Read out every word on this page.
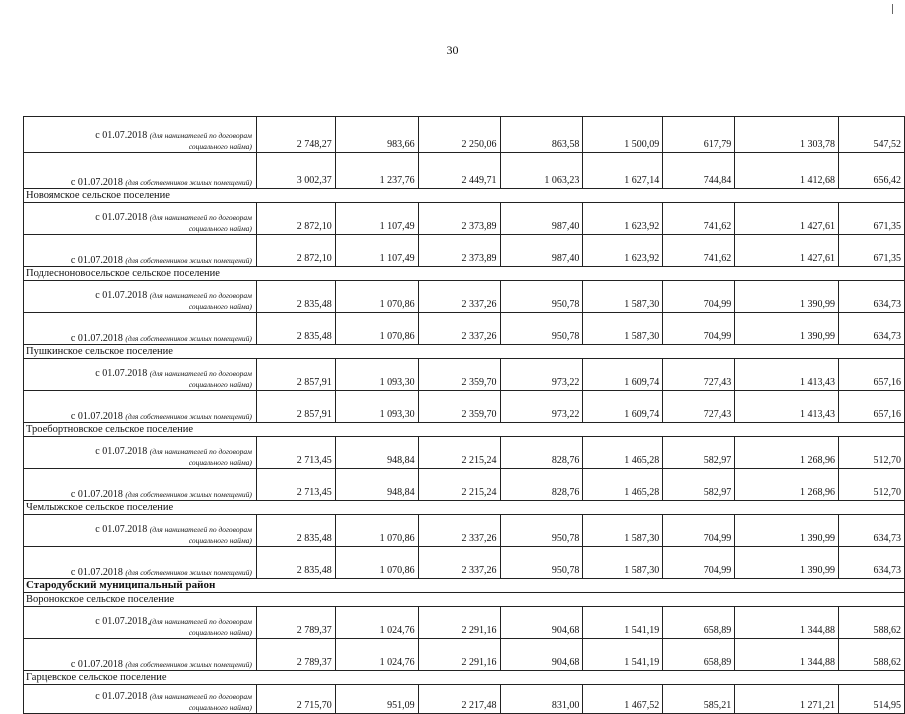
30
с 01.07.2018 (для нанимателей по договорам
социального найма)	2 748,27	983,66	2 250,06	863,58	1 500,09	617,79	1 303,78	547,52
с 01.07.2018 (для собственников жилых помещений)	3 002,37	1 237,76	2 449,71	1 063,23	1 627,14	744,84	1 412,68	656,42
Новоямское сельское поселение								
с 01.07.2018 (для нанимателей по договорам
социального найма)	2 872,10	1 107,49	2 373,89	987,40	1 623,92	741,62	1 427,61	671,35
с 01.07.2018 (для собственников жилых помещений)	2 872,10	1 107,49	2 373,89	987,40	1 623,92	741,62	1 427,61	671,35
Подлесноновосельское сельское поселение								
с 01.07.2018 (для нанимателей по договорам
социального найма)	2 835,48	1 070,86	2 337,26	950,78	1 587,30	704,99	1 390,99	634,73
с 01.07.2018 (для собственников жилых помещений)	2 835,48	1 070,86	2 337,26	950,78	1 587,30	704,99	1 390,99	634,73
Пушкинское сельское поселение								
с 01.07.2018 (для нанимателей по договорам
социального найма)	2 857,91	1 093,30	2 359,70	973,22	1 609,74	727,43	1 413,43	657,16
с 01.07.2018 (для собственников жилых помещений)	2 857,91	1 093,30	2 359,70	973,22	1 609,74	727,43	1 413,43	657,16
Троебортновское сельское поселение								
с 01.07.2018 (для нанимателей по договорам
социального найма)	2 713,45	948,84	2 215,24	828,76	1 465,28	582,97	1 268,96	512,70
с 01.07.2018 (для собственников жилых помещений)	2 713,45	948,84	2 215,24	828,76	1 465,28	582,97	1 268,96	512,70
Чемлыжское сельское поселение								
с 01.07.2018 (для нанимателей по договорам
социального найма)	2 835,48	1 070,86	2 337,26	950,78	1 587,30	704,99	1 390,99	634,73
с 01.07.2018 (для собственников жилых помещений)	2 835,48	1 070,86	2 337,26	950,78	1 587,30	704,99	1 390,99	634,73
Стародубский муниципальный район								
Воронокское сельское поселение								
с 01.07.2018 (для нанимателей по договорам
социального найма)	2 789,37	1 024,76	2 291,16	904,68	1 541,19	658,89	1 344,88	588,62
с 01.07.2018 (для собственников жилых помещений)	2 789,37	1 024,76	2 291,16	904,68	1 541,19	658,89	1 344,88	588,62
Гарцевское сельское поселение								
с 01.07.2018 (для нанимателей по договорам
социального найма)	2 715,70	951,09	2 217,48	831,00	1 467,52	585,21	1 271,21	514,95
